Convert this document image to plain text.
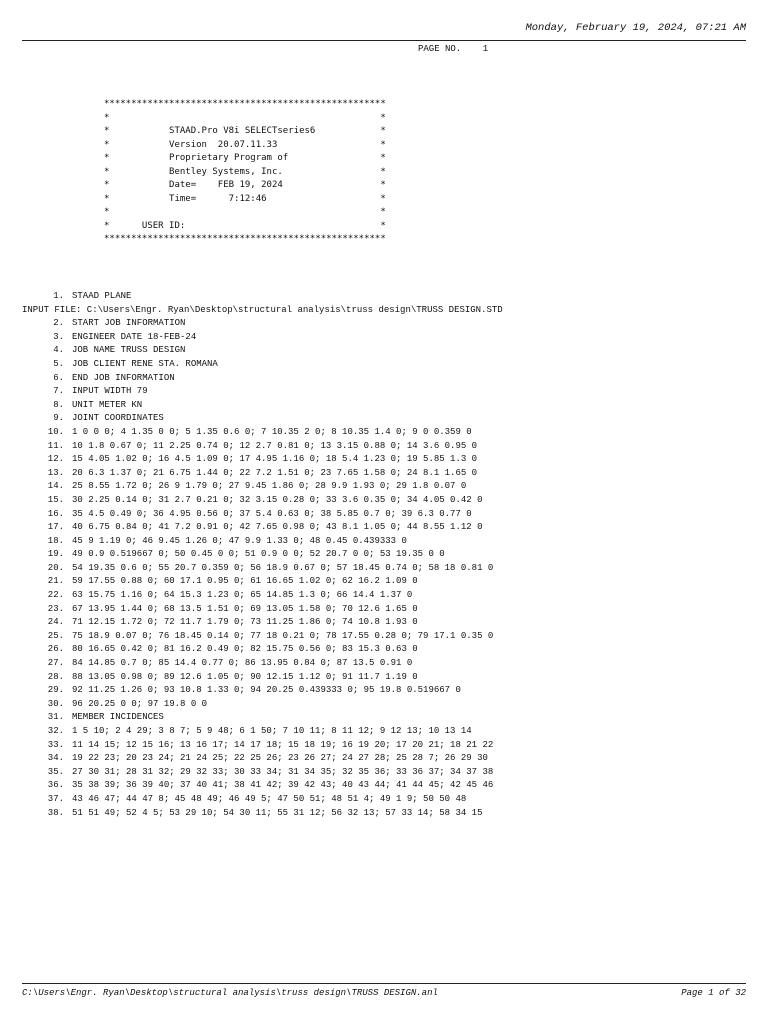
Monday, February 19, 2024, 07:21 AM
PAGE NO.    1
****************************************************
*                                                  *
*           STAAD.Pro V8i SELECTseries6            *
*           Version  20.07.11.33                   *
*           Proprietary Program of                 *
*           Bentley Systems, Inc.                  *
*           Date=    FEB 19, 2024                  *
*           Time=      7:12:46                     *
*                                                  *
*      USER ID:                                    *
****************************************************
1. STAAD PLANE
INPUT FILE: C:\Users\Engr. Ryan\Desktop\structural analysis\truss design\TRUSS DESIGN.STD
2. START JOB INFORMATION
3. ENGINEER DATE 18-FEB-24
4. JOB NAME TRUSS DESIGN
5. JOB CLIENT RENE STA. ROMANA
6. END JOB INFORMATION
7. INPUT WIDTH 79
8. UNIT METER KN
9. JOINT COORDINATES
10. 1 0 0 0; 4 1.35 0 0; 5 1.35 0.6 0; 7 10.35 2 0; 8 10.35 1.4 0; 9 0 0.359 0
11. 10 1.8 0.67 0; 11 2.25 0.74 0; 12 2.7 0.81 0; 13 3.15 0.88 0; 14 3.6 0.95 0
12. 15 4.05 1.02 0; 16 4.5 1.09 0; 17 4.95 1.16 0; 18 5.4 1.23 0; 19 5.85 1.3 0
13. 20 6.3 1.37 0; 21 6.75 1.44 0; 22 7.2 1.51 0; 23 7.65 1.58 0; 24 8.1 1.65 0
14. 25 8.55 1.72 0; 26 9 1.79 0; 27 9.45 1.86 0; 28 9.9 1.93 0; 29 1.8 0.07 0
15. 30 2.25 0.14 0; 31 2.7 0.21 0; 32 3.15 0.28 0; 33 3.6 0.35 0; 34 4.05 0.42 0
16. 35 4.5 0.49 0; 36 4.95 0.56 0; 37 5.4 0.63 0; 38 5.85 0.7 0; 39 6.3 0.77 0
17. 40 6.75 0.84 0; 41 7.2 0.91 0; 42 7.65 0.98 0; 43 8.1 1.05 0; 44 8.55 1.12 0
18. 45 9 1.19 0; 46 9.45 1.26 0; 47 9.9 1.33 0; 48 0.45 0.439333 0
19. 49 0.9 0.519667 0; 50 0.45 0 0; 51 0.9 0 0; 52 20.7 0 0; 53 19.35 0 0
20. 54 19.35 0.6 0; 55 20.7 0.359 0; 56 18.9 0.67 0; 57 18.45 0.74 0; 58 18 0.81 0
21. 59 17.55 0.88 0; 60 17.1 0.95 0; 61 16.65 1.02 0; 62 16.2 1.09 0
22. 63 15.75 1.16 0; 64 15.3 1.23 0; 65 14.85 1.3 0; 66 14.4 1.37 0
23. 67 13.95 1.44 0; 68 13.5 1.51 0; 69 13.05 1.58 0; 70 12.6 1.65 0
24. 71 12.15 1.72 0; 72 11.7 1.79 0; 73 11.25 1.86 0; 74 10.8 1.93 0
25. 75 18.9 0.07 0; 76 18.45 0.14 0; 77 18 0.21 0; 78 17.55 0.28 0; 79 17.1 0.35 0
26. 80 16.65 0.42 0; 81 16.2 0.49 0; 82 15.75 0.56 0; 83 15.3 0.63 0
27. 84 14.85 0.7 0; 85 14.4 0.77 0; 86 13.95 0.84 0; 87 13.5 0.91 0
28. 88 13.05 0.98 0; 89 12.6 1.05 0; 90 12.15 1.12 0; 91 11.7 1.19 0
29. 92 11.25 1.26 0; 93 10.8 1.33 0; 94 20.25 0.439333 0; 95 19.8 0.519667 0
30. 96 20.25 0 0; 97 19.8 0 0
31. MEMBER INCIDENCES
32. 1 5 10; 2 4 29; 3 8 7; 5 9 48; 6 1 50; 7 10 11; 8 11 12; 9 12 13; 10 13 14
33. 11 14 15; 12 15 16; 13 16 17; 14 17 18; 15 18 19; 16 19 20; 17 20 21; 18 21 22
34. 19 22 23; 20 23 24; 21 24 25; 22 25 26; 23 26 27; 24 27 28; 25 28 7; 26 29 30
35. 27 30 31; 28 31 32; 29 32 33; 30 33 34; 31 34 35; 32 35 36; 33 36 37; 34 37 38
36. 35 38 39; 36 39 40; 37 40 41; 38 41 42; 39 42 43; 40 43 44; 41 44 45; 42 45 46
37. 43 46 47; 44 47 8; 45 48 49; 46 49 5; 47 50 51; 48 51 4; 49 1 9; 50 50 48
38. 51 51 49; 52 4 5; 53 29 10; 54 30 11; 55 31 12; 56 32 13; 57 33 14; 58 34 15
C:\Users\Engr. Ryan\Desktop\structural analysis\truss design\TRUSS DESIGN.anl	Page 1 of 32
